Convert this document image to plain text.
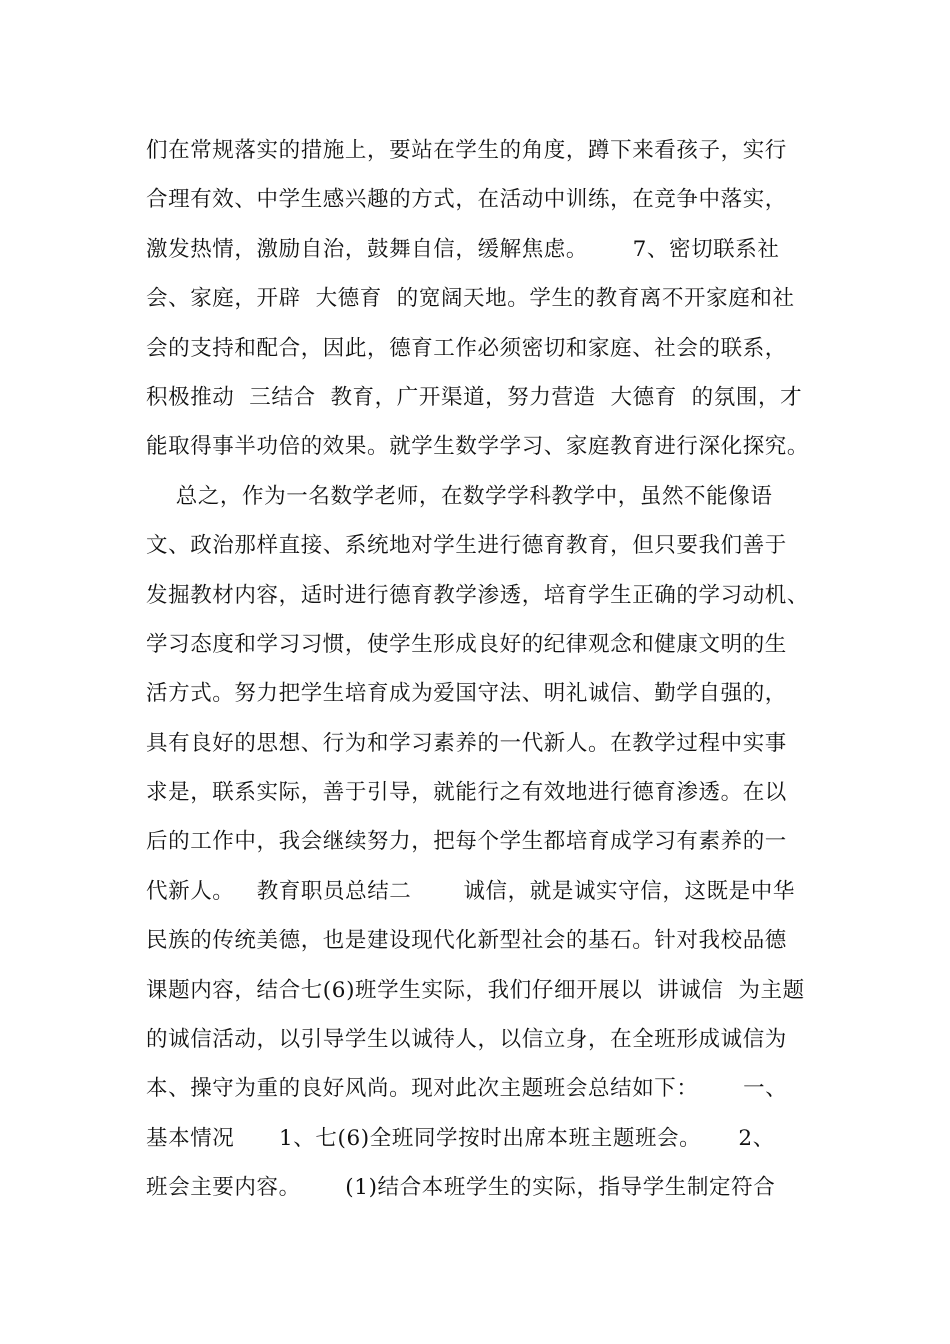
们在常规落实的措施上，要站在学生的角度，蹲下来看孩子，实行
合理有效、中学生感兴趣的方式，在活动中训练，在竞争中落实，
激发热情，激励自治，鼓舞自信，缓解焦虑。      7、密切联系社
会、家庭，开辟  大德育  的宽阔天地。学生的教育离不开家庭和社
会的支持和配合，因此，德育工作必须密切和家庭、社会的联系，
积极推动  三结合  教育，广开渠道，努力营造  大德育  的氛围，才
能取得事半功倍的效果。就学生数学学习、家庭教育进行深化探究。
总之，作为一名数学老师，在数学学科教学中，虽然不能像语
文、政治那样直接、系统地对学生进行德育教育，但只要我们善于
发掘教材内容，适时进行德育教学渗透，培育学生正确的学习动机、
学习态度和学习习惯，使学生形成良好的纪律观念和健康文明的生
活方式。努力把学生培育成为爱国守法、明礼诚信、勤学自强的，
具有良好的思想、行为和学习素养的一代新人。在教学过程中实事
求是，联系实际，善于引导，就能行之有效地进行德育渗透。在以
后的工作中，我会继续努力，把每个学生都培育成学习有素养的一
代新人。   教育职员总结二       诚信，就是诚实守信，这既是中华
民族的传统美德，也是建设现代化新型社会的基石。针对我校品德
课题内容，结合七(6)班学生实际，我们仔细开展以  讲诚信  为主题
的诚信活动，以引导学生以诚待人，以信立身，在全班形成诚信为
本、操守为重的良好风尚。现对此次主题班会总结如下：      一、
基本情况      1、七(6)全班同学按时出席本班主题班会。     2、
班会主要内容。      (1)结合本班学生的实际，指导学生制定符合
